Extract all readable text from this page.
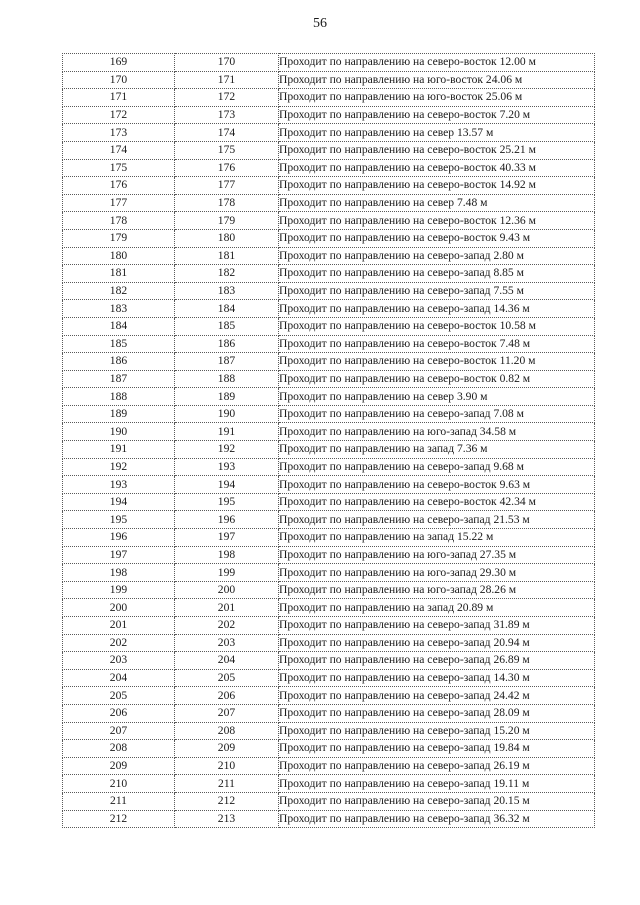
56
169	170	Проходит по направлению на северо-восток 12.00 м
170	171	Проходит по направлению на юго-восток 24.06 м
171	172	Проходит по направлению на юго-восток 25.06 м
172	173	Проходит по направлению на северо-восток 7.20 м
173	174	Проходит по направлению на север 13.57 м
174	175	Проходит по направлению на северо-восток 25.21 м
175	176	Проходит по направлению на северо-восток 40.33 м
176	177	Проходит по направлению на северо-восток 14.92 м
177	178	Проходит по направлению на север 7.48 м
178	179	Проходит по направлению на северо-восток 12.36 м
179	180	Проходит по направлению на северо-восток 9.43 м
180	181	Проходит по направлению на северо-запад 2.80 м
181	182	Проходит по направлению на северо-запад 8.85 м
182	183	Проходит по направлению на северо-запад 7.55 м
183	184	Проходит по направлению на северо-запад 14.36 м
184	185	Проходит по направлению на северо-восток 10.58 м
185	186	Проходит по направлению на северо-восток 7.48 м
186	187	Проходит по направлению на северо-восток 11.20 м
187	188	Проходит по направлению на северо-восток 0.82 м
188	189	Проходит по направлению на север 3.90 м
189	190	Проходит по направлению на северо-запад 7.08 м
190	191	Проходит по направлению на юго-запад 34.58 м
191	192	Проходит по направлению на запад 7.36 м
192	193	Проходит по направлению на северо-запад 9.68 м
193	194	Проходит по направлению на северо-восток 9.63 м
194	195	Проходит по направлению на северо-восток 42.34 м
195	196	Проходит по направлению на северо-запад 21.53 м
196	197	Проходит по направлению на запад 15.22 м
197	198	Проходит по направлению на юго-запад 27.35 м
198	199	Проходит по направлению на юго-запад 29.30 м
199	200	Проходит по направлению на юго-запад 28.26 м
200	201	Проходит по направлению на запад 20.89 м
201	202	Проходит по направлению на северо-запад 31.89 м
202	203	Проходит по направлению на северо-запад 20.94 м
203	204	Проходит по направлению на северо-запад 26.89 м
204	205	Проходит по направлению на северо-запад 14.30 м
205	206	Проходит по направлению на северо-запад 24.42 м
206	207	Проходит по направлению на северо-запад 28.09 м
207	208	Проходит по направлению на северо-запад 15.20 м
208	209	Проходит по направлению на северо-запад 19.84 м
209	210	Проходит по направлению на северо-запад 26.19 м
210	211	Проходит по направлению на северо-запад 19.11 м
211	212	Проходит по направлению на северо-запад 20.15 м
212	213	Проходит по направлению на северо-запад 36.32 м
